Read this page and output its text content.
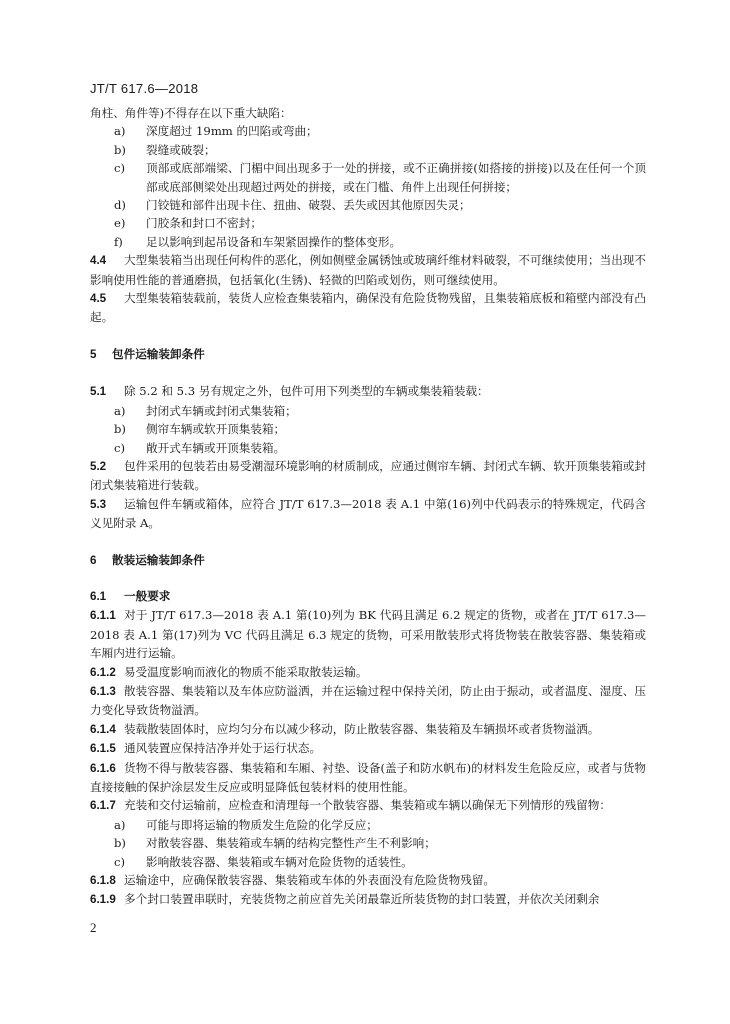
JT/T 617.6—2018

角柱、角件等)不得存在以下重大缺陷：

a) 深度超过 19mm 的凹陷或弯曲；

b) 裂缝或破裂；

c) 顶部或底部端梁、门楣中间出现多于一处的拼接，或不正确拼接(如搭接的拼接)以及在任何一个顶部或底部侧梁处出现超过两处的拼接，或在门槛、角件上出现任何拼接；

d) 门铰链和部件出现卡住、扭曲、破裂、丢失或因其他原因失灵；

e) 门胶条和封口不密封；

f) 足以影响到起吊设备和车架紧固操作的整体变形。

4.4 大型集装箱当出现任何构件的恶化，例如侧壁金属锈蚀或玻璃纤维材料破裂，不可继续使用；当出现不影响使用性能的普通磨损，包括氧化(生锈)、轻微的凹陷或划伤，则可继续使用。

4.5 大型集装箱装载前，装货人应检查集装箱内，确保没有危险货物残留，且集装箱底板和箱壁内部没有凸起。

5 包件运输装卸条件

5.1 除 5.2 和 5.3 另有规定之外，包件可用下列类型的车辆或集装箱装载：

a) 封闭式车辆或封闭式集装箱；

b) 侧帘车辆或软开顶集装箱；

c) 敞开式车辆或开顶集装箱。

5.2 包件采用的包装若由易受潮湿环境影响的材质制成，应通过侧帘车辆、封闭式车辆、软开顶集装箱或封闭式集装箱进行装载。

5.3 运输包件车辆或箱体，应符合 JT/T 617.3—2018 表 A.1 中第(16)列中代码表示的特殊规定，代码含义见附录 A。

6 散装运输装卸条件

6.1 一般要求

6.1.1 对于 JT/T 617.3—2018 表 A.1 第(10)列为 BK 代码且满足 6.2 规定的货物，或者在 JT/T 617.3—2018 表 A.1 第(17)列为 VC 代码且满足 6.3 规定的货物，可采用散装形式将货物装在散装容器、集装箱或车厢内进行运输。

6.1.2 易受温度影响而液化的物质不能采取散装运输。

6.1.3 散装容器、集装箱以及车体应防溢洒，并在运输过程中保持关闭，防止由于振动，或者温度、湿度、压力变化导致货物溢洒。

6.1.4 装载散装固体时，应均匀分布以减少移动，防止散装容器、集装箱及车辆损坏或者货物溢洒。

6.1.5 通风装置应保持洁净并处于运行状态。

6.1.6 货物不得与散装容器、集装箱和车厢、衬垫、设备(盖子和防水帆布)的材料发生危险反应，或者与货物直接接触的保护涂层发生反应或明显降低包装材料的使用性能。

6.1.7 充装和交付运输前，应检查和清理每一个散装容器、集装箱或车辆以确保无下列情形的残留物：

a) 可能与即将运输的物质发生危险的化学反应；

b) 对散装容器、集装箱或车辆的结构完整性产生不利影响；

c) 影响散装容器、集装箱或车辆对危险货物的适装性。

6.1.8 运输途中，应确保散装容器、集装箱或车体的外表面没有危险货物残留。

6.1.9 多个封口装置串联时，充装货物之前应首先关闭最靠近所装货物的封口装置，并依次关闭剩余

2
